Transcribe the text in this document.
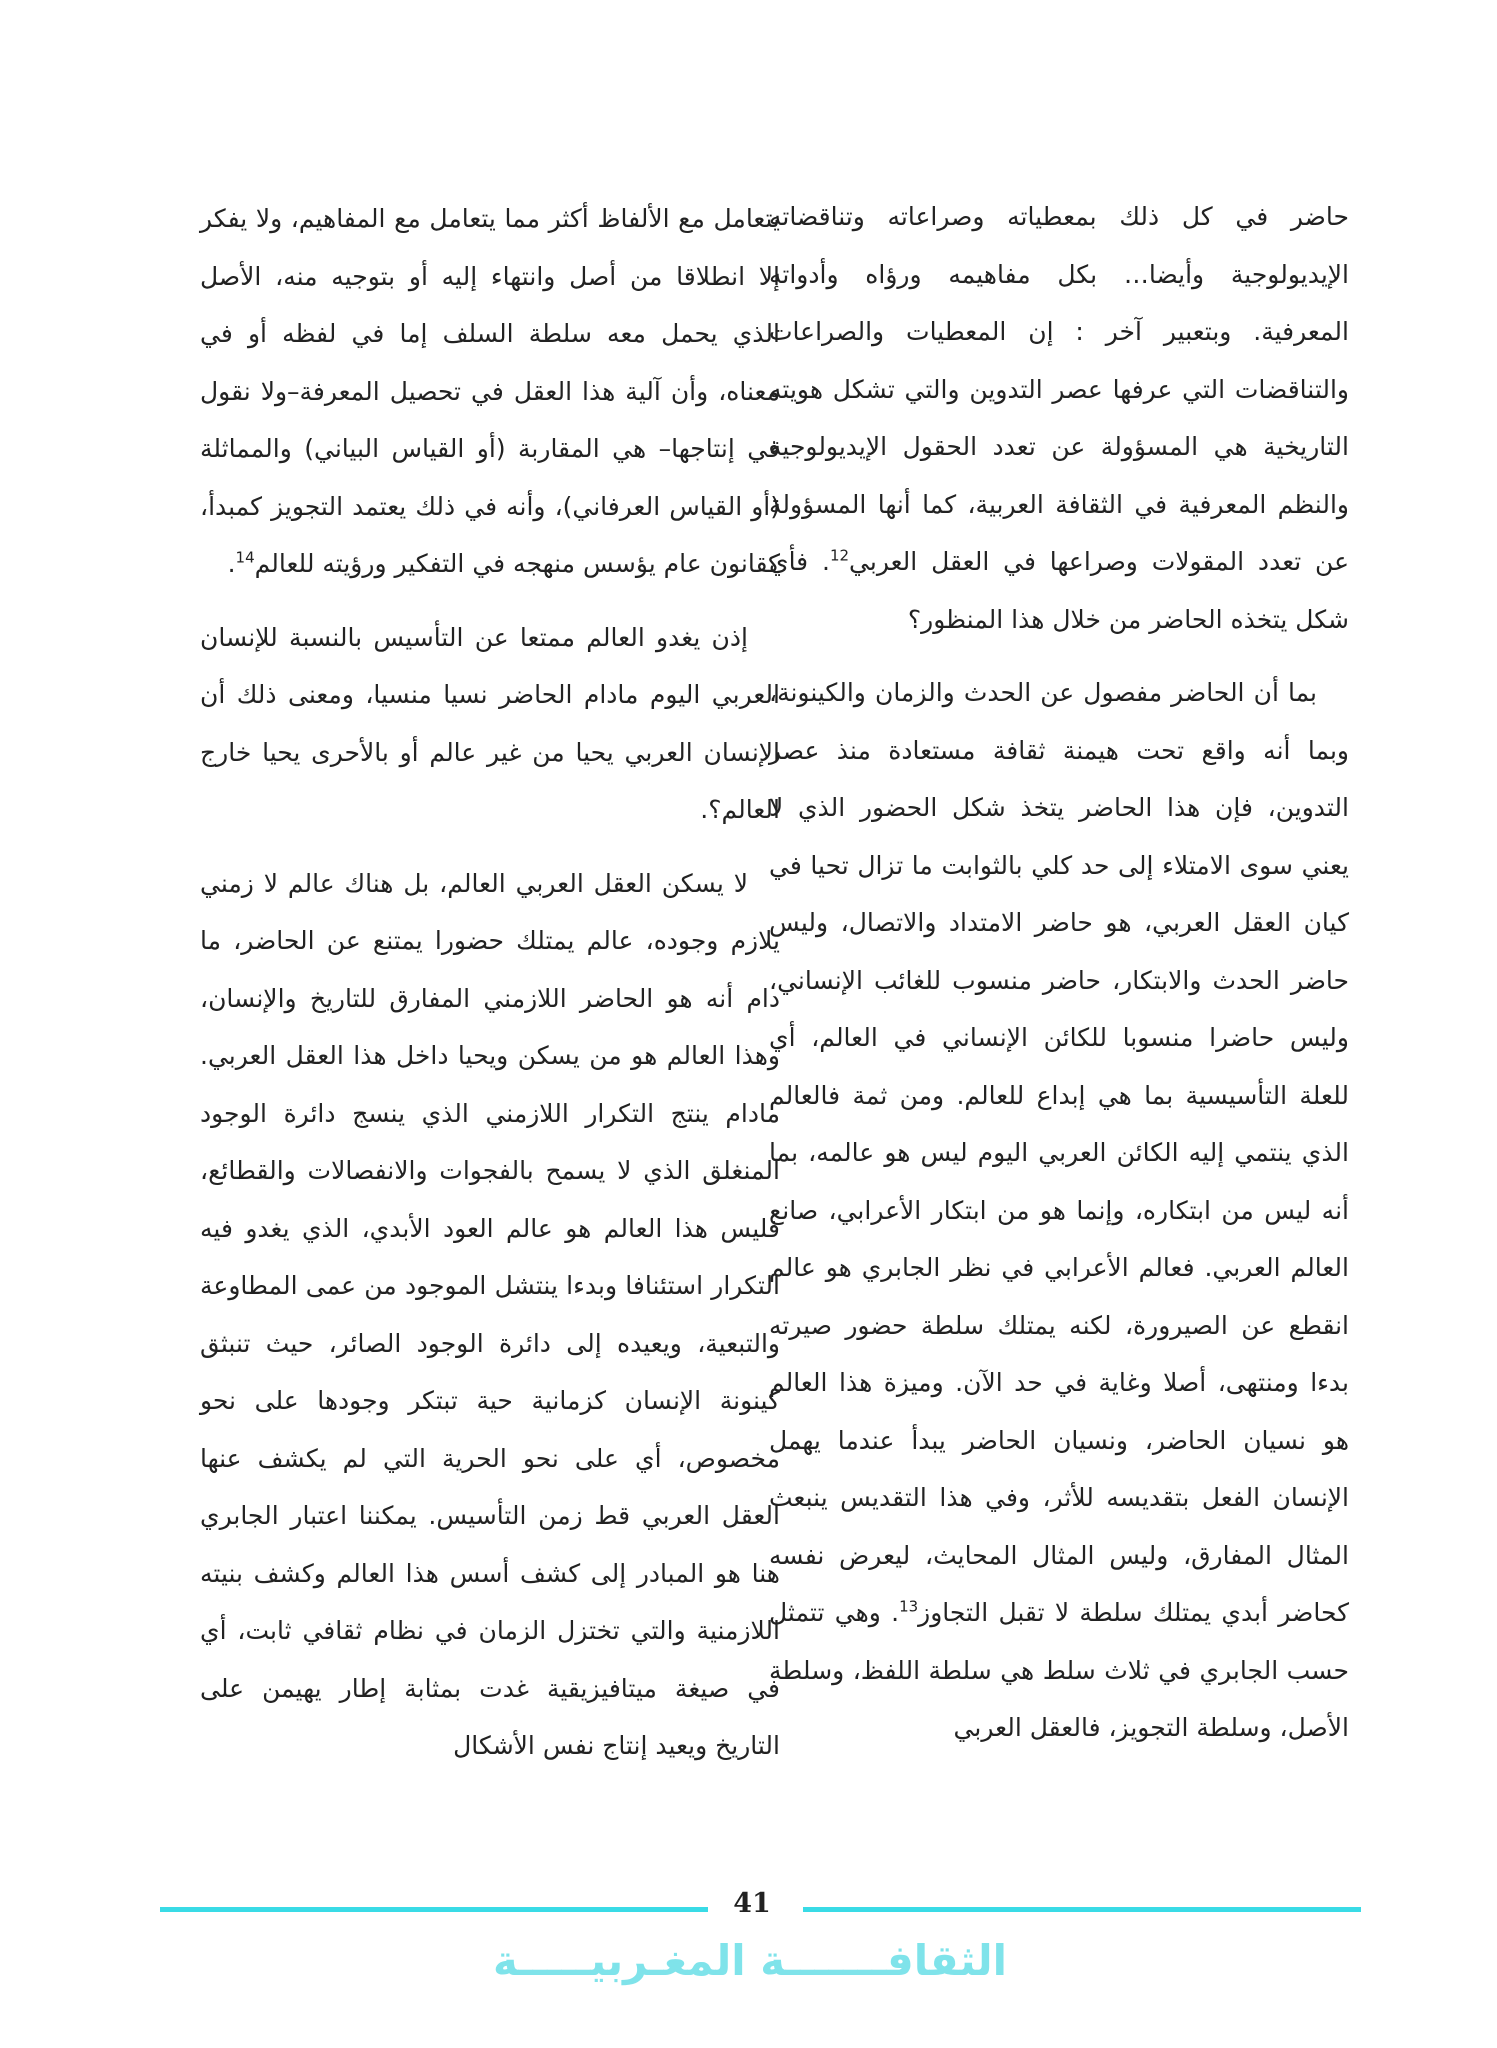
حاضر في كل ذلك بمعطياته وصراعاته وتناقضاته الإيديولوجية وأيضا… بكل مفاهيمه ورؤاه وأدواته المعرفية. وبتعبير آخر : إن المعطيات والصراعات والتناقضات التي عرفها عصر التدوين والتي تشكل هويته التاريخية هي المسؤولة عن تعدد الحقول الإيديولوجية والنظم المعرفية في الثقافة العربية، كما أنها المسؤولة عن تعدد المقولات وصراعها في العقل العربي$^{12}$. فأي شكل يتخذه الحاضر من خلال هذا المنظور؟

بما أن الحاضر مفصول عن الحدث والزمان والكينونة، وبما أنه واقع تحت هيمنة ثقافة مستعادة منذ عصر التدوين، فإن هذا الحاضر يتخذ شكل الحضور الذي لا يعني سوى الامتلاء إلى حد كلي بالثوابت ما تزال تحيا في كيان العقل العربي، هو حاضر الامتداد والاتصال، وليس حاضر الحدث والابتكار، حاضر منسوب للغائب الإنساني، وليس حاضرا منسوبا للكائن الإنساني في العالم، أي للعلة التأسيسية بما هي إبداع للعالم. ومن ثمة فالعالم الذي ينتمي إليه الكائن العربي اليوم ليس هو عالمه، بما أنه ليس من ابتكاره، وإنما هو من ابتكار الأعرابي، صانع العالم العربي. فعالم الأعرابي في نظر الجابري هو عالم انقطع عن الصيرورة، لكنه يمتلك سلطة حضور صيرته بدءا ومنتهى، أصلا وغاية في حد الآن. وميزة هذا العالم هو نسيان الحاضر، ونسيان الحاضر يبدأ عندما يهمل الإنسان الفعل بتقديسه للأثر، وفي هذا التقديس ينبعث المثال المفارق، وليس المثال المحايث، ليعرض نفسه كحاضر أبدي يمتلك سلطة لا تقبل التجاوز$^{13}$. وهي تتمثل حسب الجابري في ثلاث سلط هي سلطة اللفظ، وسلطة الأصل، وسلطة التجويز، فالعقل العربي

يتعامل مع الألفاظ أكثر مما يتعامل مع المفاهيم، ولا يفكر إلا انطلاقا من أصل وانتهاء إليه أو بتوجيه منه، الأصل الذي يحمل معه سلطة السلف إما في لفظه أو في معناه، وأن آلية هذا العقل في تحصيل المعرفة–ولا نقول في إنتاجها– هي المقاربة (أو القياس البياني) والمماثلة (أو القياس العرفاني)، وأنه في ذلك يعتمد التجويز كمبدأ، كقانون عام يؤسس منهجه في التفكير ورؤيته للعالم$^{14}$.

إذن يغدو العالم ممتعا عن التأسيس بالنسبة للإنسان العربي اليوم مادام الحاضر نسيا منسيا، ومعنى ذلك أن الإنسان العربي يحيا من غير عالم أو بالأحرى يحيا خارج العالم؟.

لا يسكن العقل العربي العالم، بل هناك عالم لا زمني يلازم وجوده، عالم يمتلك حضورا يمتنع عن الحاضر، ما دام أنه هو الحاضر اللازمني المفارق للتاريخ والإنسان، وهذا العالم هو من يسكن ويحيا داخل هذا العقل العربي. مادام ينتج التكرار اللازمني الذي ينسج دائرة الوجود المنغلق الذي لا يسمح بالفجوات والانفصالات والقطائع، فليس هذا العالم هو عالم العود الأبدي، الذي يغدو فيه التكرار استئنافا وبدءا ينتشل الموجود من عمى المطاوعة والتبعية، ويعيده إلى دائرة الوجود الصائر، حيث تنبثق كينونة الإنسان كزمانية حية تبتكر وجودها على نحو مخصوص، أي على نحو الحرية التي لم يكشف عنها العقل العربي قط زمن التأسيس. يمكننا اعتبار الجابري هنا هو المبادر إلى كشف أسس هذا العالم وكشف بنيته اللازمنية والتي تختزل الزمان في نظام ثقافي ثابت، أي في صيغة ميتافيزيقية غدت بمثابة إطار يهيمن على التاريخ ويعيد إنتاج نفس الأشكال

41
الثقافـــــــة المغـربيـــــة
